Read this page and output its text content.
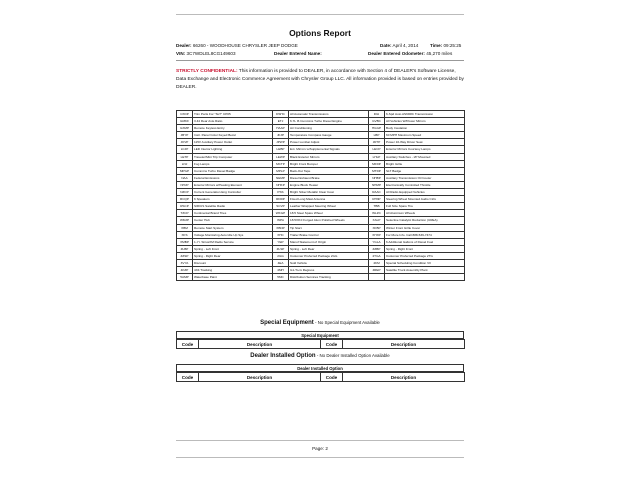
Options Report
Dealer: 66260 - WOODHOUSE CHRYSLER JEEP DODGE	Date: April 4, 2014	Time: 09:25:25
VIN: 3C7WDLEL8CG149603	Dealer Entered Name:	Dealer Entered Odometer: 45,270 miles
STRICTLY CONFIDENTIAL: This information is provided to DEALER, in accordance with Section 4 of DEALER's Software License, Data Exchange and Electronic Commerce Agreement with Chrysler Group LLC. All information provided is based on entries provided by DEALER.
CXDP	Trim Parts For "SLT" CP05	DSHC	All Automatic Transmissions	DGI	6-Spd Auto AS69RC Transmission
GMKF	3.44 Rear Axle Ratio	ETJ	6.7L I6 Cummins Turbo Diesel Engine	GVBC	All Vehicles W/Power Mirrors
GXMP	Remote Keyless Entry	HAAP	Air Conditioning	HGGP	Body Insulation
JBYP	Instr. Panel Color Keyed Bezel	JFJP	Temperature Compass Gauge	LBP	60 MPH Maximum Speed
JKVP	115V Auxiliary Power Outlet	JPWP	Power Lumbar Adjust	JR7P	Power 10-Way Driver Seat
LCJP	LED Interior Lighting	LEBP	Ext. Mirrors w/Supplemental Signals	LECP	Exterior Mirrors Courtesy Lamps
LETP	Traveler/Mini Trip Computer	LEWP	Black Exterior Mirrors	LHLP	Auxiliary Switches - I/P Mounted
LNJ	Fog Lamps	MCTP	Bright Front Bumper	MFDP	Bright Grille
MPGP	Cummins Turbo Diesel Badge	MPLP	Back-Out Tape	MTDP	SLT Badge
NAA	Federal Emissions	NEMP	Diesel Exhaust Brake	NHBP	Auxiliary Transmission Oil Cooler
NHJP	Exterior Mirrors w/Heating Element	NHKP	Engine Block Heater	NHMP	Electronically Controlled Throttle
NZCP	Current Generation Eng Controller	PSS	Bright Silver Metallic Clear Coat	RAAC	All Radio Equipped Vehicles
RCQP	6 Speakers	RDDP	Fixed Long Mast Antenna	RH3P	Steering Wheel Mounted Audio Ctrls
RSCP	SIRIUS Satellite Radio	SCVP	Leather Wrapped Steering Wheel	TBB	Full Size Spare Tire
TZCP	Continental Brand Tires	WKGP	18.5 Steel Spare Wheel	WLZC	All Aluminum Wheels
WMJP	Center Hub	WPA	18.5X8.0 Forged Alum Polished Wheels	XALP	Selective Catalytic Reduction (UREA)
XBM	Remote Start System	XBNP	Tip Start	XD5P	Winter Front Grille Cover
XFS	Voltage Monitoring Auto Idle Up Sys	XHC	Trailer Brake Control	XHXP	For More Info. Call 888-539-7474
XMBP	1-Yr. SiriusXM Radio Service	YEP	Manuf Statement of Origin	YGLA	6 Additional Gallons of Diesel Fuel
ZLBP	Spring - Left Front	ZLSP	Spring - Left Rear	ZZBP	Spring - Right Front
ZZSP	Spring - Right Rear	2GG	Customer Preferred Package 2GG	2TGA	Customer Preferred Package 2TG
3VYA	Discount	4EA	Sold Vehicle	4KM	Special Scheduling Condition VII
4KZP	4X4 Tracking	4MH	G1-To-G Regress	4REP	Satellite Truck Assembly Plant
5AMP	Waterbase Paint	5MC	Distribution Services Tracking		
Special Equipment - No Special Equipment Available
Special Equipment
Code	Description	Code	Description
Dealer Installed Option - No Dealer Installed Option Available
Dealer Installed Option
Code	Description	Code	Description
Page: 2
